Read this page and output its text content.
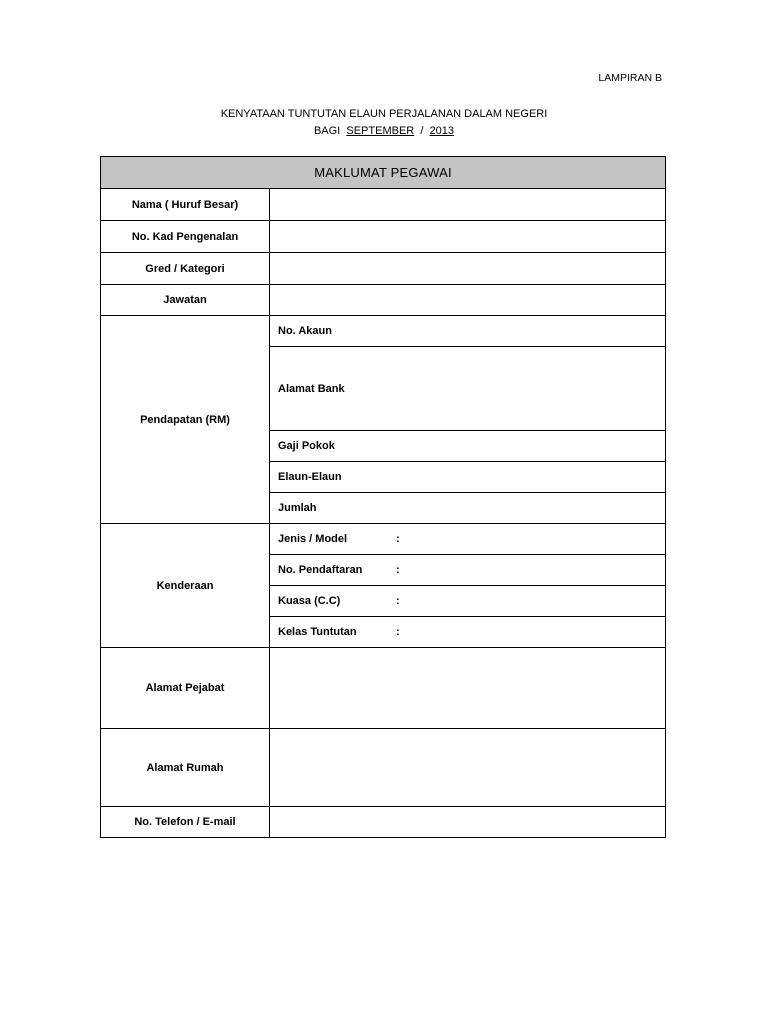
LAMPIRAN B
KENYATAAN TUNTUTAN ELAUN PERJALANAN DALAM NEGERI
BAGI SEPTEMBER / 2013
MAKLUMAT PEGAWAI	
Nama ( Huruf Besar)	
No. Kad Pengenalan	
Gred / Kategori	
Jawatan	
Pendapatan (RM)	No. Akaun
	Alamat Bank
	Gaji Pokok
	Elaun-Elaun
	Jumlah
Kenderaan	Jenis / Model :
	No. Pendaftaran :
	Kuasa (C.C) :
	Kelas Tuntutan :
Alamat Pejabat	
Alamat Rumah	
No. Telefon / E-mail	
